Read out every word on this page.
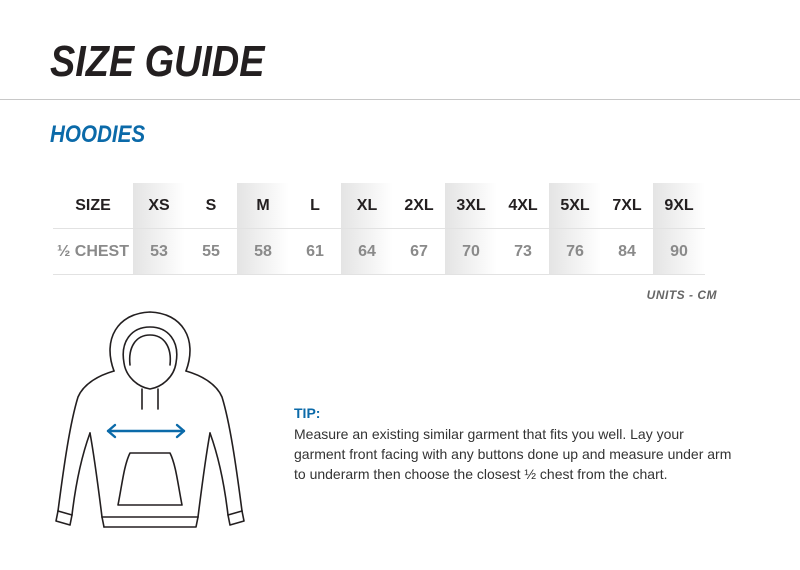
SIZE GUIDE
HOODIES
SIZE	XS	S	M	L	XL	2XL	3XL	4XL	5XL	7XL	9XL
½ CHEST	53	55	58	61	64	67	70	73	76	84	90
UNITS - CM
TIP:
Measure an existing similar garment that fits you well. Lay your
garment front facing with any buttons done up and measure under arm
to underarm then choose the closest ½ chest from the chart.
